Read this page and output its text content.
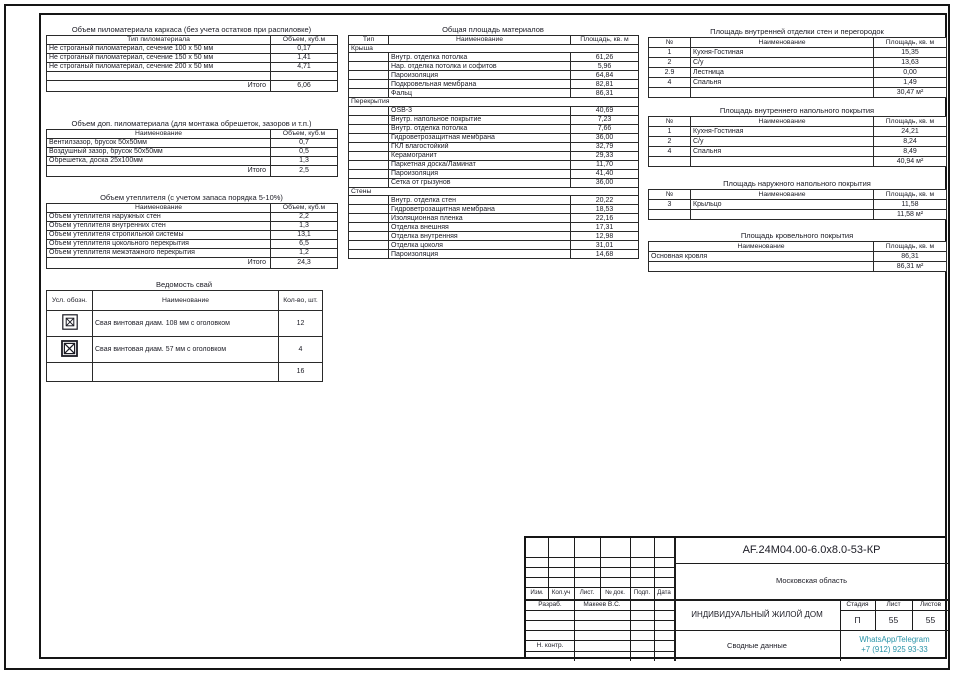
Объем пиломатериала каркаса (без учета остатков при распиловке)
Тип пиломатериала	Объем, куб.м
Не строганый пиломатериал, сечение 100 х 50 мм	0,17
Не строганый пиломатериал, сечение 150 х 50 мм	1,41
Не строганый пиломатериал, сечение 200 х 50 мм	4,71

Итого	6,06
Объем доп. пиломатериала (для монтажа обрешеток, зазоров и т.п.)
Наименование	Объем, куб.м
Вентилзазор, брусок 50х50мм	0,7
Воздушный зазор, брусок 50х50мм	0,5
Обрешетка, доска 25х100мм	1,3
Итого	2,5
Объем утеплителя (с учетом запаса порядка 5-10%)
Наименование	Объем, куб.м
Объем утеплителя наружных стен	2,2
Объем утеплителя внутренних стен	1,3
Объем утеплителя стропильной системы	13,1
Объем утеплителя цокольного перекрытия	6,5
Объем утеплителя межэтажного перекрытия	1,2
Итого	24,3
Ведомость свай
Усл. обозн.	Наименование	Кол-во, шт.
	Свая винтовая диам. 108 мм с оголовком	12
	Свая винтовая диам. 57 мм с оголовком	4
		16
Общая площадь материалов
Тип	Наименование	Площадь, кв. м
Крыша		
	Внутр. отделка потолка	61,26
	Нар. отделка потолка и софитов	5,96
	Пароизоляция	64,84
	Подкровельная мембрана	82,81
	Фальц	86,31
Перекрытия		
	OSB-3	40,69
	Внутр. напольное покрытие	7,23
	Внутр. отделка потолка	7,66
	Гидроветрозащитная мембрана	36,00
	ГКЛ влагостойкий	32,79
	Керамогранит	29,33
	Паркетная доска/Ламинат	11,70
	Пароизоляция	41,40
	Сетка от грызунов	36,00
Стены		
	Внутр. отделка стен	20,22
	Гидроветрозащитная мембрана	18,53
	Изоляционная пленка	22,16
	Отделка внешняя	17,31
	Отделка внутренняя	12,98
	Отделка цоколя	31,01
	Пароизоляция	14,68
Площадь внутренней отделки стен и перегородок
№	Наименование	Площадь, кв. м
1	Кухня-Гостиная	15,35
2	С/у	13,63
2.9	Лестница	0,00
4	Спальня	1,49
		30,47 м²
Площадь внутреннего напольного покрытия
№	Наименование	Площадь, кв. м
1	Кухня-Гостиная	24,21
2	С/у	8,24
4	Спальня	8,49
		40,94 м²
Площадь наружного напольного покрытия
№	Наименование	Площадь, кв. м
3	Крыльцо	11,58
		11,58 м²
Площадь кровельного покрытия
Наименование	Площадь, кв. м
Основная кровля	86,31
	86,31 м²
Изм.	Кол.уч	Лист.	№ док.	Подп.	Дата
Разраб.	Макеев В.С.
Н. контр.
AF.24M04.00-6.0x8.0-53-КР
Московская область
ИНДИВИДУАЛЬНЫЙ ЖИЛОЙ ДОМ
Стадия	Лист	Листов
П	55	55
Сводные данные
WhatsApp/Telegram
+7 (912) 925 93-33
